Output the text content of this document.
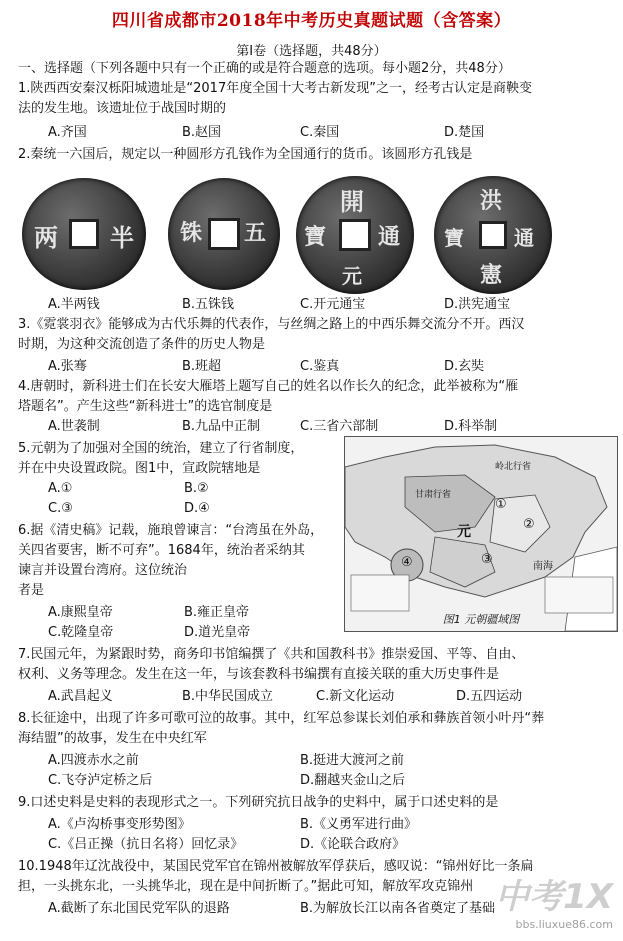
四川省成都市2018年中考历史真题试题（含答案）
第Ⅰ卷（选择题，共48分）
一、选择题（下列各题中只有一个正确的或是符合题意的选项。每小题2分，共48分）
1.陕西西安秦汉栎阳城遗址是“2017年度全国十大考古新发现”之一，经考古认定是商鞅变
法的发生地。该遗址位于战国时期的
A.齐国	B.赵国	C.秦国	D.楚国
2.秦统一六国后，规定以一种圆形方孔钱作为全国通行的货币。该圆形方孔钱是
两 半 铢 五
開
元
寶 通
洪
憲
寶	通
A.半两钱	B.五铢钱	C.开元通宝	D.洪宪通宝
3.《霓裳羽衣》能够成为古代乐舞的代表作，与丝绸之路上的中西乐舞交流分不开。西汉
时期，为这种交流创造了条件的历史人物是
A.张骞	B.班超	C.鉴真	D.玄奘
4.唐朝时，新科进士们在长安大雁塔上题写自己的姓名以作长久的纪念，此举被称为“雁
塔题名”。产生这些“新科进士”的选官制度是
A.世袭制	B.九品中正制	C.三省六部制	D.科举制
5.元朝为了加强对全国的统治，建立了行省制度，
并在中央设置政院。图1中，宣政院辖地是
A.①	B.②
C.③	D.④
6.据《清史稿》记载，施琅曾谏言：“台湾虽在外岛，
关四省要害，断不可弃”。1684年，统治者采纳其
谏言并设置台湾府。这位统治
者是
A.康熙皇帝	B.雍正皇帝
C.乾隆皇帝	D.道光皇帝
甘肃行省
岭北行省
元
南海
①
②
③
④
图1 元朝疆域图
7.民国元年，为紧跟时势，商务印书馆编撰了《共和国教科书》推崇爱国、平等、自由、
权利、义务等理念。发生在这一年，与该套教科书编撰有直接关联的重大历史事件是
A.武昌起义	B.中华民国成立	C.新文化运动	D.五四运动
8.长征途中，出现了许多可歌可泣的故事。其中，红军总参谋长刘伯承和彝族首领小叶丹“葬
海结盟”的故事，发生在中央红军
A.四渡赤水之前	B.挺进大渡河之前
C.飞夺泸定桥之后	D.翻越夹金山之后
9.口述史料是史料的表现形式之一。下列研究抗日战争的史料中，属于口述史料的是
A.《卢沟桥事变形势图》	B.《义勇军进行曲》
C.《吕正操（抗日名将）回忆录》	D.《论联合政府》
10.1948年辽沈战役中，某国民党军官在锦州被解放军俘获后，感叹说：“锦州好比一条扁
担，一头挑东北，一头挑华北，现在是中间折断了。”据此可知，解放军攻克锦州
A.截断了东北国民党军队的退路	B.为解放长江以南各省奠定了基础 中考1X
bbs.liuxue86.com
